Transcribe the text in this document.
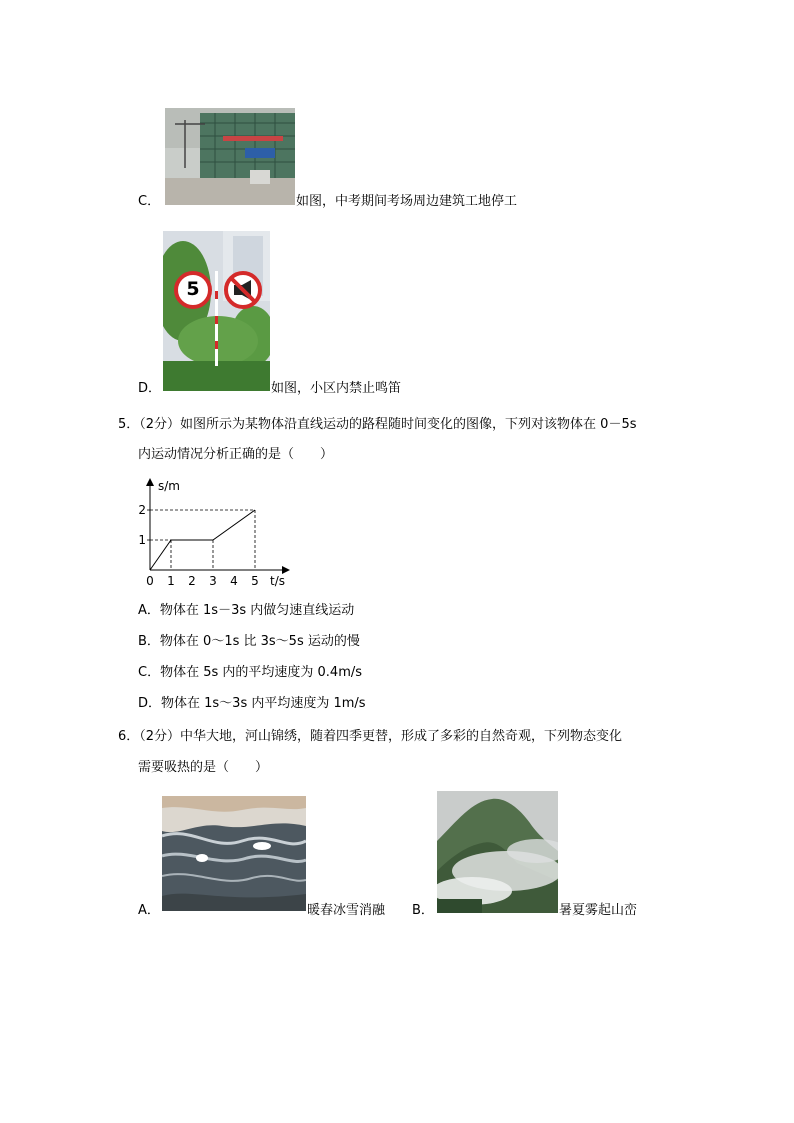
C．	如图，中考期间考场周边建筑工地停工
5
D．	如图，小区内禁止鸣笛
5．（2分）如图所示为某物体沿直线运动的路程随时间变化的图像，下列对该物体在 0－5s
内运动情况分析正确的是（　　）
1 2 3 4 5
1
2
0
s/m
t/s
A．物体在 1s－3s 内做匀速直线运动
B．物体在 0～1s 比 3s～5s 运动的慢
C．物体在 5s 内的平均速度为 0.4m/s
D．物体在 1s～3s 内平均速度为 1m/s
6．（2分）中华大地，河山锦绣，随着四季更替，形成了多彩的自然奇观，下列物态变化
需要吸热的是（　　）
A．	暖春冰雪消融 B．	暑夏雾起山峦
